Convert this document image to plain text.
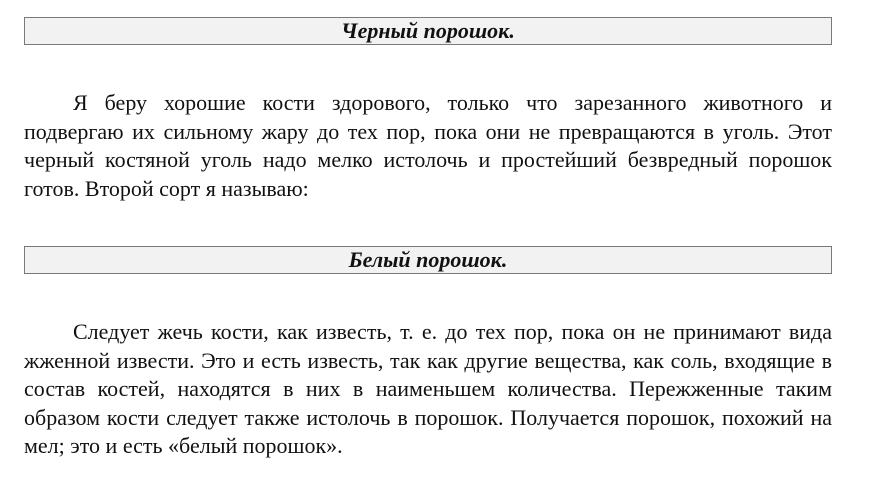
Черный порошок.

Я беру хорошие кости здорового, только что зарезанного животного и подвергаю их сильному жару до тех пор, пока они не превращаются в уголь. Этот черный костяной уголь надо мелко истолочь и простейший безвредный порошок готов. Второй сорт я называю:

Белый порошок.

Следует жечь кости, как известь, т. е. до тех пор, пока он не принимают вида жженной извести. Это и есть известь, так как другие вещества, как соль, входящие в состав костей, находятся в них в наименьшем количества. Пережженные таким образом кости следует также истолочь в порошок. Получается порошок, похожий на мел; это и есть «белый порошок».
